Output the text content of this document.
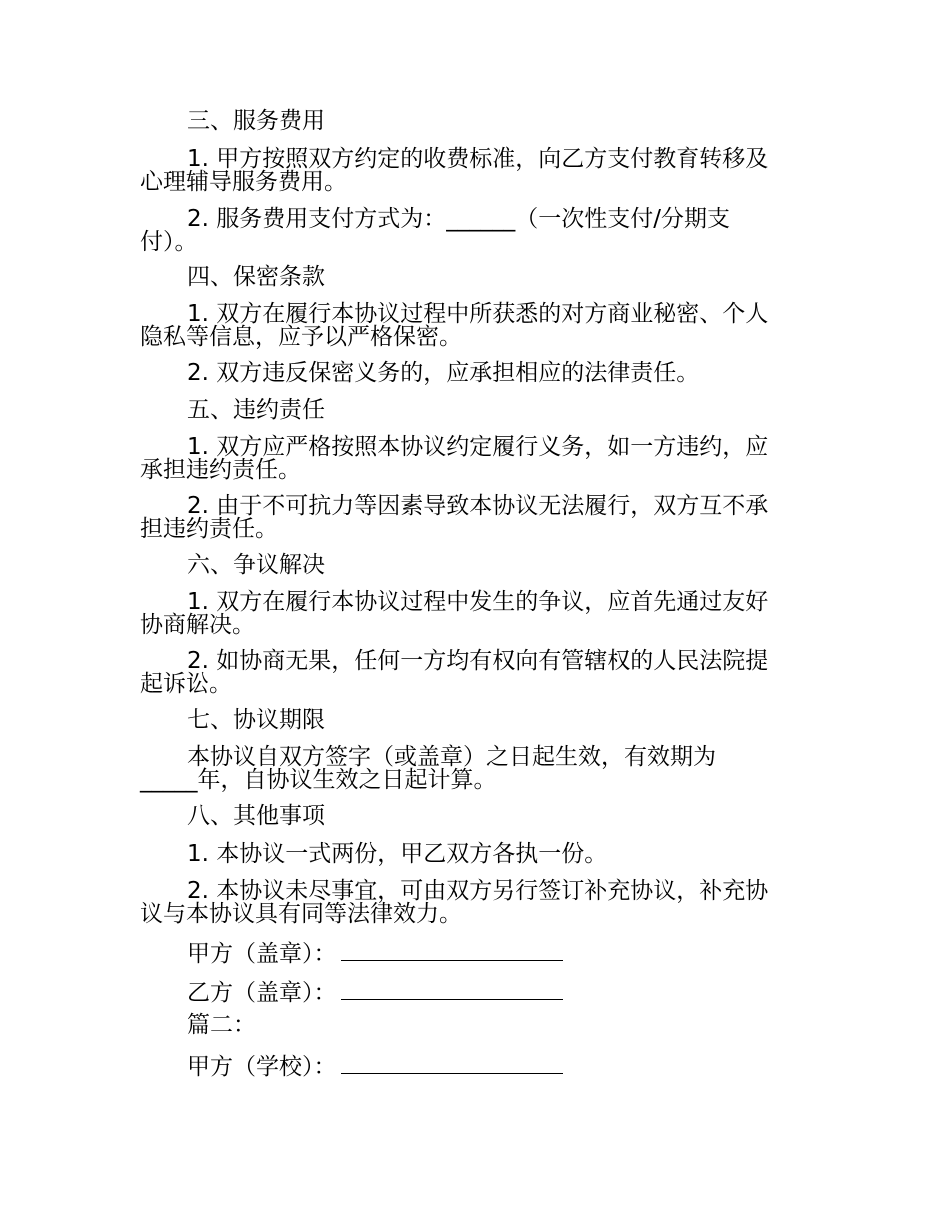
三、服务费用
1. 甲方按照双方约定的收费标准，向乙方支付教育转移及
心理辅导服务费用。
2. 服务费用支付方式为：______（一次性支付/分期支
付）。
四、保密条款
1. 双方在履行本协议过程中所获悉的对方商业秘密、个人
隐私等信息，应予以严格保密。
2. 双方违反保密义务的，应承担相应的法律责任。
五、违约责任
1. 双方应严格按照本协议约定履行义务，如一方违约，应
承担违约责任。
2. 由于不可抗力等因素导致本协议无法履行，双方互不承
担违约责任。
六、争议解决
1. 双方在履行本协议过程中发生的争议，应首先通过友好
协商解决。
2. 如协商无果，任何一方均有权向有管辖权的人民法院提
起诉讼。
七、协议期限
本协议自双方签字（或盖章）之日起生效，有效期为
_____年，自协议生效之日起计算。
八、其他事项
1. 本协议一式两份，甲乙双方各执一份。
2. 本协议未尽事宜，可由双方另行签订补充协议，补充协
议与本协议具有同等法律效力。
甲方（盖章）：
乙方（盖章）：
篇二：
甲方（学校）：
